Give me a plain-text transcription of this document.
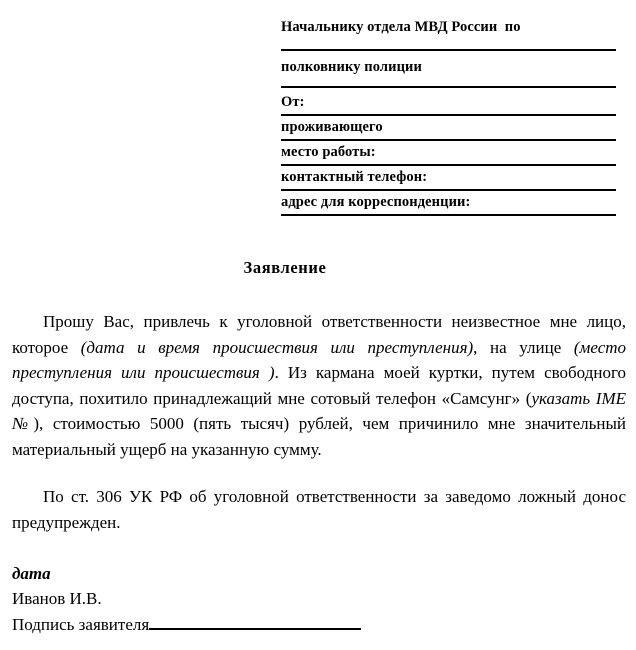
Начальнику отдела МВД России  по
полковнику полиции
От:
проживающего
место работы:
контактный телефон:
адрес для корреспонденции:
Заявление

Прошу Вас, привлечь к уголовной ответственности неизвестное мне лицо, которое (дата и время происшествия или преступления), на улице (место преступления или происшествия ). Из кармана моей куртки, путем свободного доступа, похитило принадлежащий мне сотовый телефон «Самсунг» (указать IME №), стоимостью 5000 (пять тысяч) рублей, чем причинило мне значительный материальный ущерб на указанную сумму.

По ст. 306 УК РФ об уголовной ответственности за заведомо ложный донос предупрежден.

дата
Иванов И.В.
Подпись заявителя
